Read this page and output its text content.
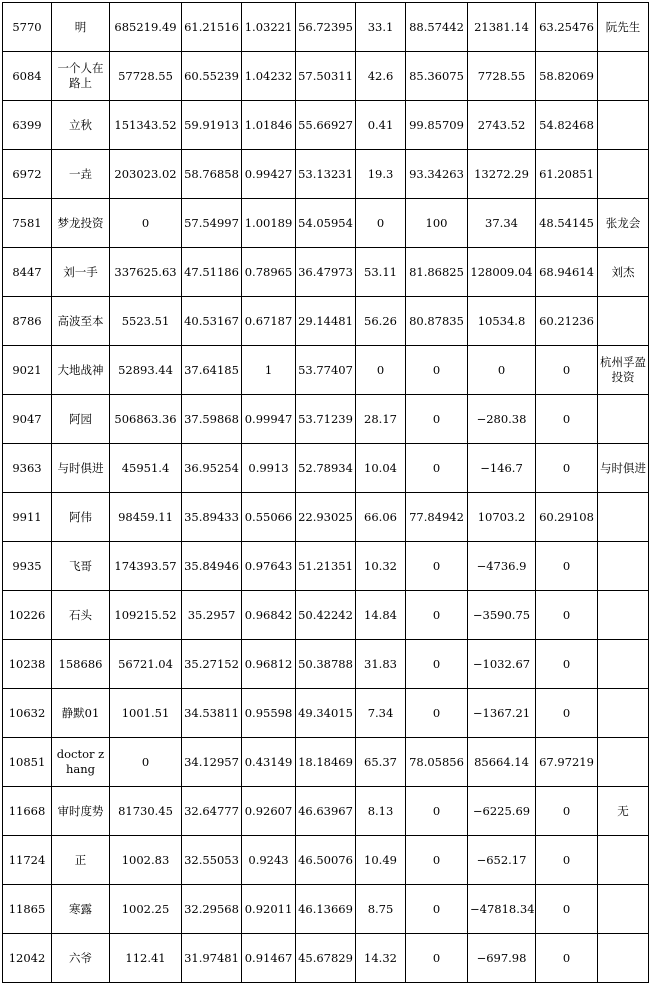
5770	明	685219.49	61.21516	1.03221	56.72395	33.1	88.57442	21381.14	63.25476	阮先生
6084	一个人在路上	57728.55	60.55239	1.04232	57.50311	42.6	85.36075	7728.55	58.82069	
6399	立秋	151343.52	59.91913	1.01846	55.66927	0.41	99.85709	2743.52	54.82468	
6972	一垚	203023.02	58.76858	0.99427	53.13231	19.3	93.34263	13272.29	61.20851	
7581	梦龙投资	0	57.54997	1.00189	54.05954	0	100	37.34	48.54145	张龙会
8447	刘一手	337625.63	47.51186	0.78965	36.47973	53.11	81.86825	128009.04	68.94614	刘杰
8786	高波至本	5523.51	40.53167	0.67187	29.14481	56.26	80.87835	10534.8	60.21236	
9021	大地战神	52893.44	37.64185	1	53.77407	0	0	0	0	杭州孚盈投资
9047	阿园	506863.36	37.59868	0.99947	53.71239	28.17	0	−280.38	0	
9363	与时俱进	45951.4	36.95254	0.9913	52.78934	10.04	0	−146.7	0	与时俱进
9911	阿伟	98459.11	35.89433	0.55066	22.93025	66.06	77.84942	10703.2	60.29108	
9935	飞哥	174393.57	35.84946	0.97643	51.21351	10.32	0	−4736.9	0	
10226	石头	109215.52	35.2957	0.96842	50.42242	14.84	0	−3590.75	0	
10238	158686	56721.04	35.27152	0.96812	50.38788	31.83	0	−1032.67	0	
10632	静默01	1001.51	34.53811	0.95598	49.34015	7.34	0	−1367.21	0	
10851	doctor zhang	0	34.12957	0.43149	18.18469	65.37	78.05856	85664.14	67.97219	
11668	审时度势	81730.45	32.64777	0.92607	46.63967	8.13	0	−6225.69	0	无
11724	正	1002.83	32.55053	0.9243	46.50076	10.49	0	−652.17	0	
11865	寒露	1002.25	32.29568	0.92011	46.13669	8.75	0	−47818.34	0	
12042	六爷	112.41	31.97481	0.91467	45.67829	14.32	0	−697.98	0	
